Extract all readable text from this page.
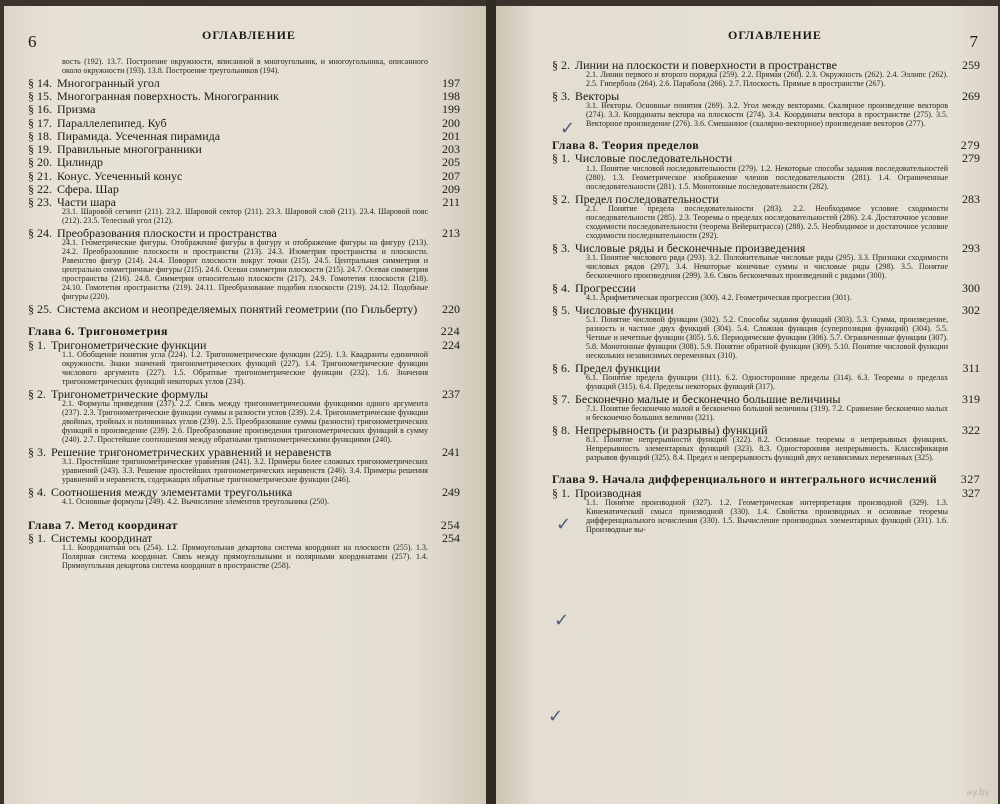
6	ОГЛАВЛЕНИЕ
вость (192). 13.7. Построение окружности, вписанной в многоугольник, и многоугольника, описанного около окружности (193). 13.8. Построение треугольников (194).
§ 14. Многогранный угол	197
§ 15. Многогранная поверхность. Многогранник	198
§ 16. Призма	199
§ 17. Параллелепипед. Куб	200
§ 18. Пирамида. Усеченная пирамида	201
§ 19. Правильные многогранники	203
§ 20. Цилиндр	205
§ 21. Конус. Усеченный конус	207
§ 22. Сфера. Шар	209
§ 23. Части шара	211
23.1. Шаровой сегмент (211). 23.2. Шаровой сектор (211). 23.3. Шаровой слой (211). 23.4. Шаровой пояс (212). 23.5. Телесный угол (212).
§ 24. Преобразования плоскости и пространства	213
24.1. Геометрические фигуры. Отображение фигуры в фигуру и отображение фигуры на фигуру (213). 24.2. Преобразование плоскости и пространства (213). 24.3. Изометрия пространства и плоскости. Равенство фигур (214). 24.4. Поворот плоскости вокруг точки (215). 24.5. Центральная симметрия и центрально симметричные фигуры (215). 24.6. Осевая симметрия плоскости (215). 24.7. Осевая симметрия пространства (216). 24.8. Симметрия относительно плоскости (217). 24.9. Гомотетия плоскости (218). 24.10. Гомотетия пространства (219). 24.11. Преобразование подобия плоскости (219). 24.12. Подобные фигуры (220).
§ 25. Система аксиом и неопределяемых понятий геометрии (по Гильберту)	220
Глава 6. Тригонометрия	224
§ 1. Тригонометрические функции	224
1.1. Обобщение понятия угла (224). 1.2. Тригонометрические функции (225). 1.3. Квадранты единичной окружности. Знаки значений тригонометрических функций (227). 1.4. Тригонометрические функции числового аргумента (227). 1.5. Обратные тригонометрические функции (232). 1.6. Значения тригонометрических функций некоторых углов (234).
§ 2. Тригонометрические формулы	237
2.1. Формулы приведения (237). 2.2. Связь между тригонометрическими функциями одного аргумента (237). 2.3. Тригонометрические функции суммы и разности углов (239). 2.4. Тригонометрические функции двойных, тройных и половинных углов (239). 2.5. Преобразование суммы (разности) тригонометрических функций в произведение (239). 2.6. Преобразование произведения тригонометрических функций в сумму (240). 2.7. Простейшие соотношения между обратными тригонометрическими функциями (240).
§ 3. Решение тригонометрических уравнений и неравенств	241
3.1. Простейшие тригонометрические уравнения (241). 3.2. Примеры более сложных тригонометрических уравнений (243). 3.3. Решение простейших тригонометрических неравенств (246). 3.4. Примеры решения уравнений и неравенств, содержащих обратные тригонометрические функции (246).
§ 4. Соотношения между элементами треугольника	249
4.1. Основные формулы (249). 4.2. Вычисление элементов треугольника (250).
Глава 7. Метод координат	254
§ 1. Системы координат	254
1.1. Координатная ось (254). 1.2. Прямоугольная декартова система координат на плоскости (255). 1.3. Полярная система координат. Связь между прямоугольными и полярными координатами (257). 1.4. Прямоугольная декартова система координат в пространстве (258).
ОГЛАВЛЕНИЕ	7
✓
✓
✓
✓
§ 2. Линии на плоскости и поверхности в пространстве	259
2.1. Линии первого и второго порядка (259). 2.2. Прямая (260). 2.3. Окружность (262). 2.4. Эллипс (262). 2.5. Гипербола (264). 2.6. Парабола (266). 2.7. Плоскость. Прямые в пространстве (267).
§ 3. Векторы	269
3.1. Векторы. Основные понятия (269). 3.2. Угол между векторами. Скалярное произведение векторов (274). 3.3. Координаты вектора на плоскости (274). 3.4. Координаты вектора в пространстве (275). 3.5. Векторное произведение (276). 3.6. Смешанное (скалярно-векторное) произведение векторов (277).
Глава 8. Теория пределов	279
§ 1. Числовые последовательности	279
1.1. Понятие числовой последовательности (279). 1.2. Некоторые способы задания последовательностей (280). 1.3. Геометрическое изображение членов последовательности (281). 1.4. Ограниченные последовательности (281). 1.5. Монотонные последовательности (282).
§ 2. Предел последовательности	283
2.1. Понятие предела последовательности (283). 2.2. Необходимое условие сходимости последовательности (285). 2.3. Теоремы о пределах последовательностей (286). 2.4. Достаточное условие сходимости последовательности (теорема Вейерштрасса) (288). 2.5. Необходимое и достаточное условие сходимости последовательности (292).
§ 3. Числовые ряды и бесконечные произведения	293
3.1. Понятие числового ряда (293). 3.2. Положительные числовые ряды (295). 3.3. Признаки сходимости числовых рядов (297). 3.4. Некоторые конечные суммы и числовые ряды (298). 3.5. Понятие бесконечного произведения (299). 3.6. Связь бесконечных произведений с рядами (300).
§ 4. Прогрессии	300
4.1. Арифметическая прогрессия (300). 4.2. Геометрическая прогрессия (301).
§ 5. Числовые функции	302
5.1. Понятие числовой функции (302). 5.2. Способы задания функций (303). 5.3. Сумма, произведение, разность и частное двух функций (304). 5.4. Сложная функция (суперпозиция функций) (304). 5.5. Четные и нечетные функции (305). 5.6. Периодические функции (306). 5.7. Ограниченные функции (307). 5.8. Монотонные функции (308). 5.9. Понятие обратной функции (309). 5.10. Понятие числовой функции нескольких независимых переменных (310).
§ 6. Предел функции	311
6.1. Понятие предела функции (311). 6.2. Односторонние пределы (314). 6.3. Теоремы о пределах функций (315). 6.4. Пределы некоторых функций (317).
§ 7. Бесконечно малые и бесконечно большие величины	319
7.1. Понятие бесконечно малой и бесконечно большой величины (319). 7.2. Сравнение бесконечно малых и бесконечно больших величин (321).
§ 8. Непрерывность (и разрывы) функций	322
8.1. Понятие непрерывности функций (322). 8.2. Основные теоремы о непрерывных функциях. Непрерывность элементарных функций (323). 8.3. Односторонняя непрерывность. Классификация разрывов функций (325). 8.4. Предел и непрерывность функций двух независимых переменных (325).
Глава 9. Начала дифференциального и интегрального исчислений	327
§ 1. Производная	327
1.1. Понятие производной (327). 1.2. Геометрическая интерпретация производной (329). 1.3. Кинематический смысл производной (330). 1.4. Свойства производных и основные теоремы дифференциального исчисления (330). 1.5. Вычисление производных элементарных функций (331). 1.6. Производные вы-
ay.by
